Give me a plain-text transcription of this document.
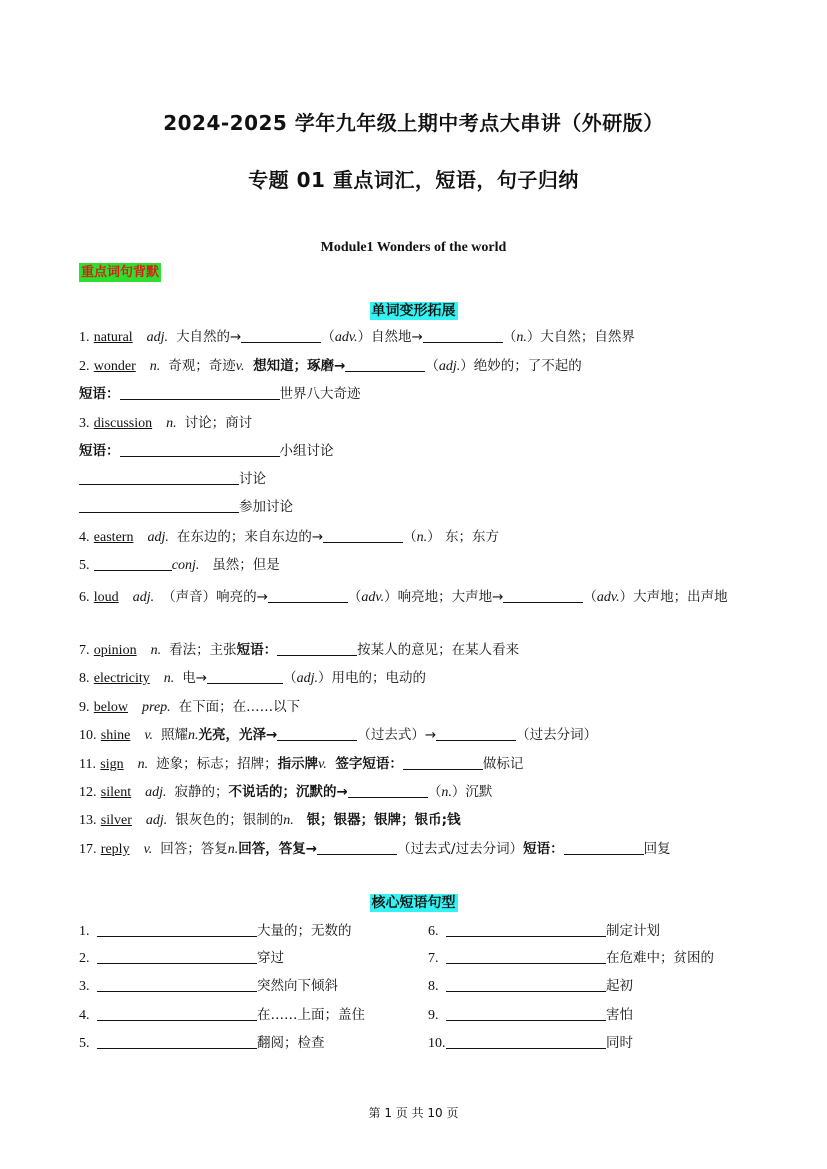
2024-2025 学年九年级上期中考点大串讲（外研版）
专题 01 重点词汇，短语，句子归纳
Module1 Wonders of the world
重点词句背默
单词变形拓展
1. natural adj. 大自然的→	（adv.）自然地→	（n.）大自然；自然界
2. wonder n. 奇观；奇迹v. 想知道；琢磨→	（adj.）绝妙的；了不起的
短语：	世界八大奇迹
3. discussion n. 讨论；商讨
短语：	小组讨论
讨论
参加讨论
4. eastern adj. 在东边的；来自东边的→	（n.） 东；东方
5.	conj. 虽然；但是
6. loud adj. （声音）响亮的→	（adv.）响亮地；大声地→	（adv.）大声地；出声地
7. opinion n. 看法；主张短语：	按某人的意见；在某人看来
8. electricity n. 电→	（adj.）用电的；电动的
9. below prep. 在下面；在……以下
10. shine v. 照耀n.光亮，光泽→	（过去式）→	（过去分词）
11. sign n. 迹象；标志；招牌；指示牌v. 签字短语：	做标记
12. silent adj. 寂静的；不说话的；沉默的→	（n.）沉默
13. silver adj. 银灰色的；银制的n. 银；银器；银牌；银币;钱
17. reply v. 回答；答复n.回答，答复→	（过去式/过去分词）短语：	回复
核心短语句型
1.	大量的；无数的
2.	穿过
3.	突然向下倾斜
4.	在……上面；盖住
5.	翻阅；检查
6.	制定计划
7.	在危难中；贫困的
8.	起初
9.	害怕
10.	同时
第 1 页 共 10 页
